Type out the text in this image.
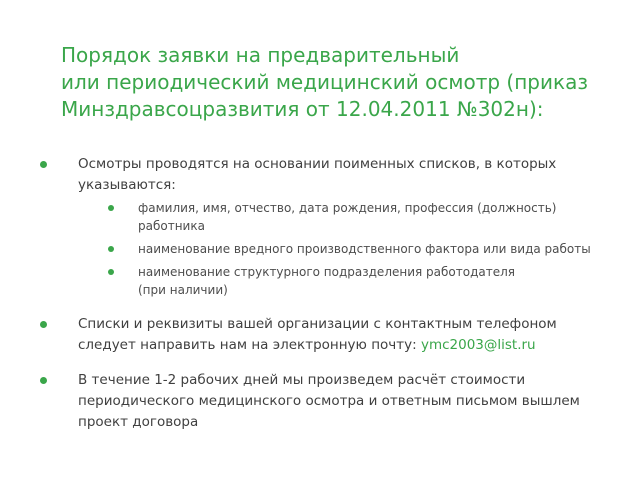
Порядок заявки на предварительный
или периодический медицинский осмотр (приказ
Минздравсоцразвития от 12.04.2011 №302н):
Осмотры проводятся на основании поименных списков, в которых
указываются:
фамилия, имя, отчество, дата рождения, профессия (должность)
работника
наименование вредного производственного фактора или вида работы
наименование структурного подразделения работодателя
(при наличии)
Списки и реквизиты вашей организации с контактным телефоном
следует направить нам на электронную почту: ymc2003@list.ru
В течение 1-2 рабочих дней мы произведем расчёт стоимости
периодического медицинского осмотра и ответным письмом вышлем
проект договора
